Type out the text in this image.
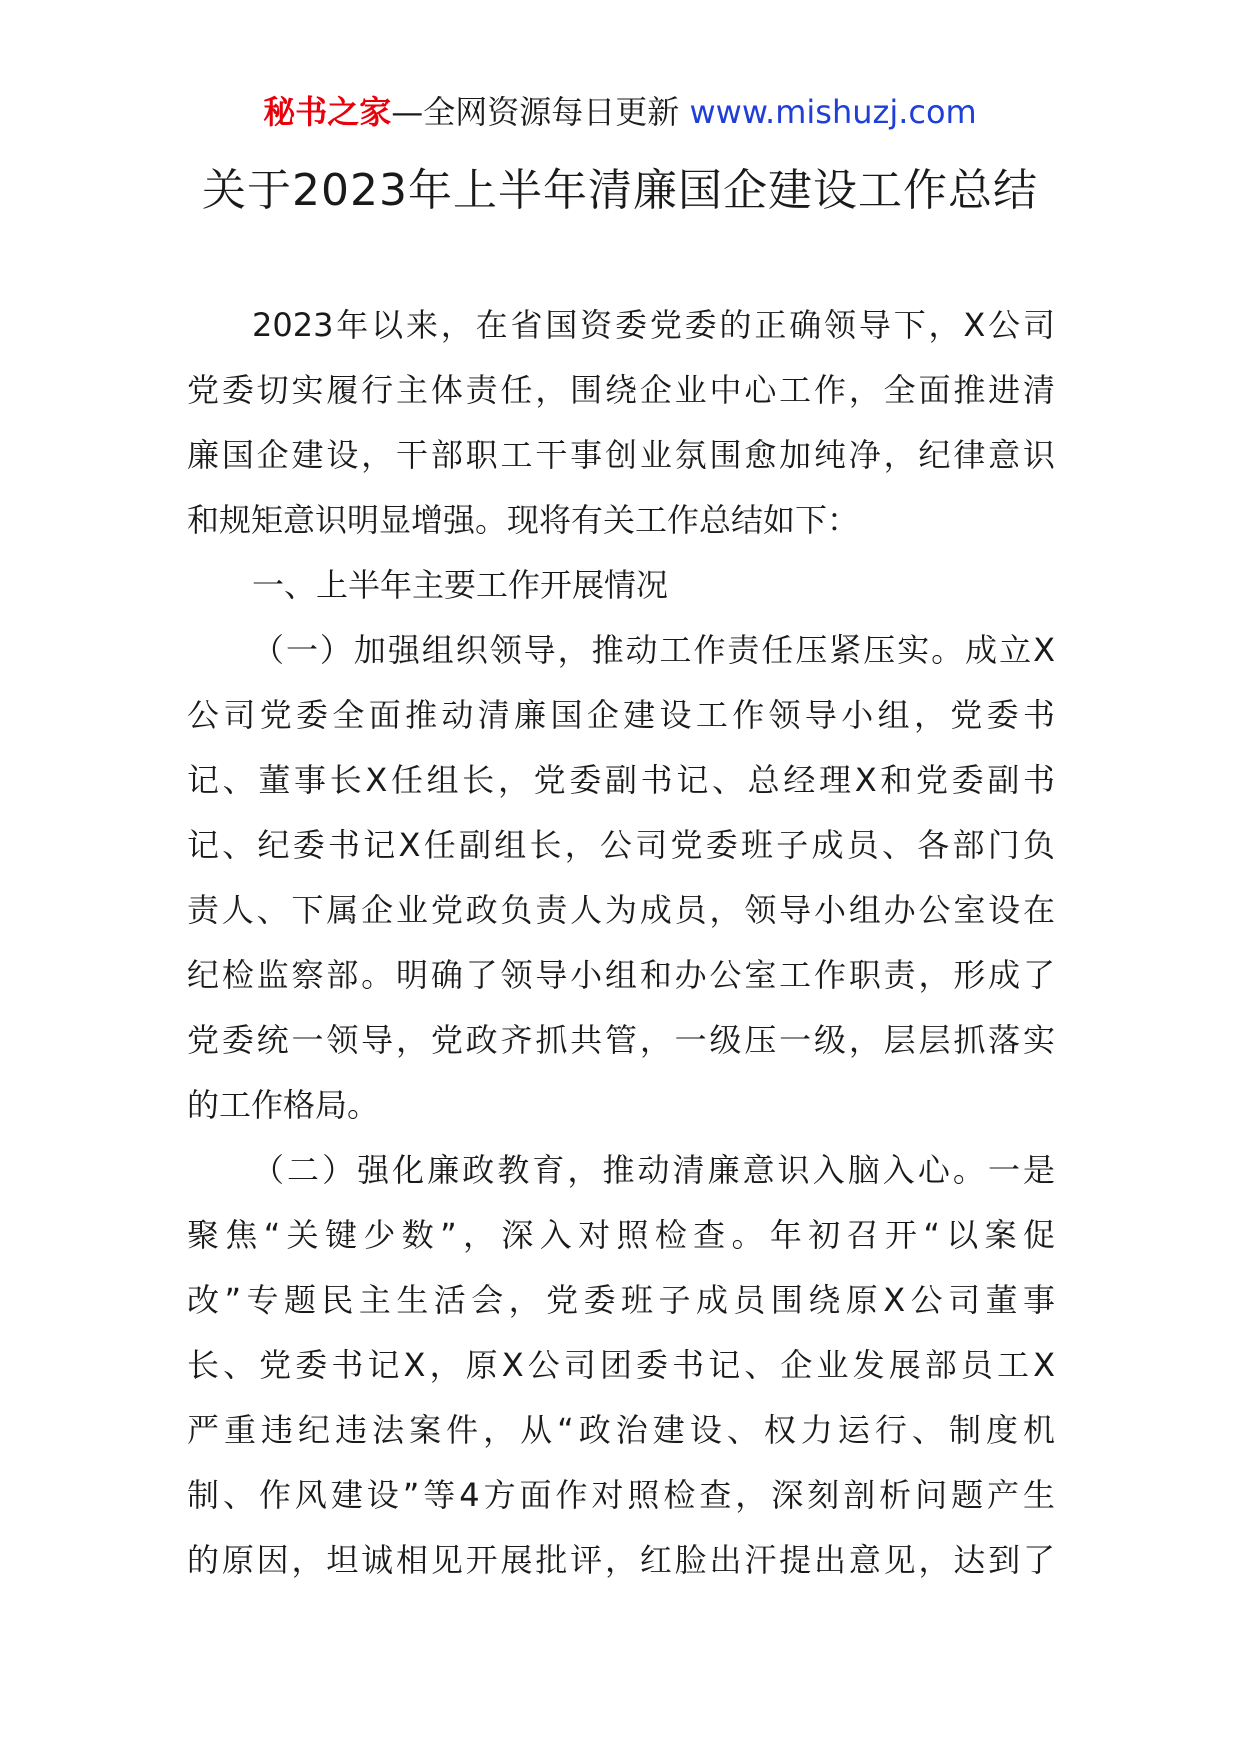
秘书之家—全网资源每日更新 www.mishuzj.com
关于2023年上半年清廉国企建设工作总结
2023年以来，在省国资委党委的正确领导下，X公司
党委切实履行主体责任，围绕企业中心工作，全面推进清
廉国企建设，干部职工干事创业氛围愈加纯净，纪律意识
和规矩意识明显增强。现将有关工作总结如下：
一、上半年主要工作开展情况
（一）加强组织领导，推动工作责任压紧压实。成立X
公司党委全面推动清廉国企建设工作领导小组，党委书
记、董事长X任组长，党委副书记、总经理X和党委副书
记、纪委书记X任副组长，公司党委班子成员、各部门负
责人、下属企业党政负责人为成员，领导小组办公室设在
纪检监察部。明确了领导小组和办公室工作职责，形成了
党委统一领导，党政齐抓共管，一级压一级，层层抓落实
的工作格局。
（二）强化廉政教育，推动清廉意识入脑入心。一是
聚焦“关键少数”，深入对照检查。年初召开“以案促
改”专题民主生活会，党委班子成员围绕原X公司董事
长、党委书记X，原X公司团委书记、企业发展部员工X
严重违纪违法案件，从“政治建设、权力运行、制度机
制、作风建设”等4方面作对照检查，深刻剖析问题产生
的原因，坦诚相见开展批评，红脸出汗提出意见，达到了
